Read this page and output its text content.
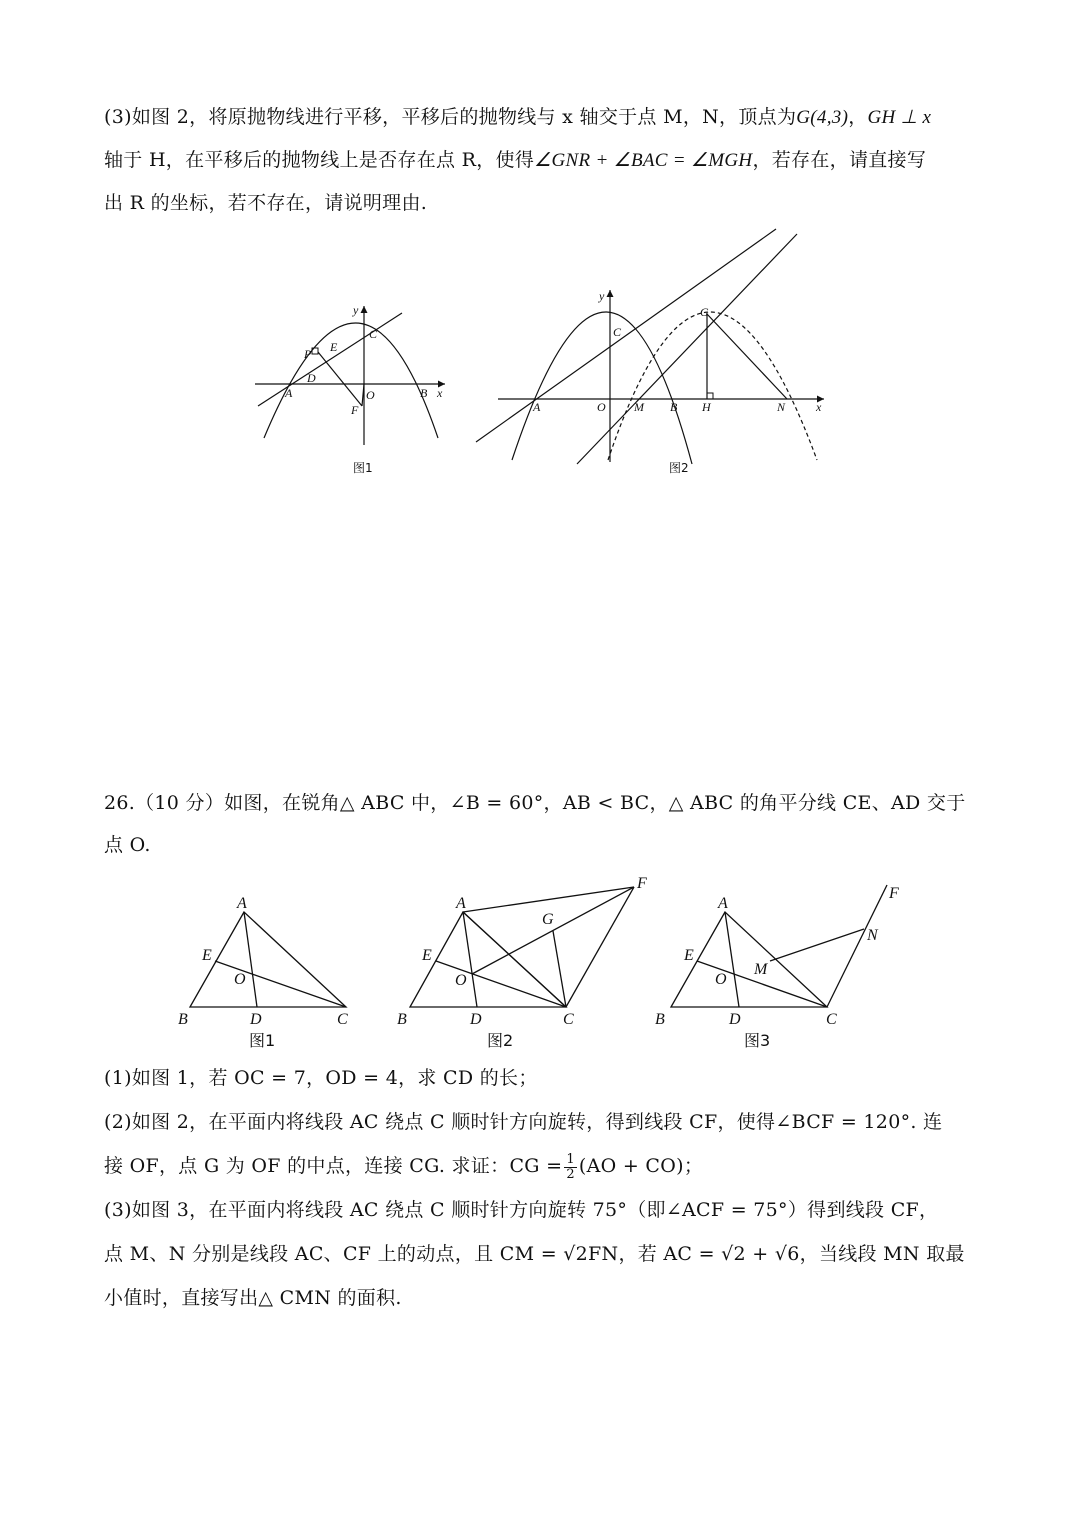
(3)如图 2，将原抛物线进行平移，平移后的抛物线与 x 轴交于点 M，N，顶点为G(4,3)，GH ⊥ x
轴于 H，在平移后的抛物线上是否存在点 R，使得∠GNR + ∠BAC = ∠MGH，若存在，请直接写
出 R 的坐标，若不存在，请说明理由.
y
x
P E
C
D
A	O	B
F
图1
y
x
C
G
A	O M B H	N
图2
26.（10 分）如图，在锐角△ ABC 中，∠B = 60°，AB < BC，△ ABC 的角平分线 CE、AD 交于
点 O.
A
E
O
B	D	C
图1
A
F
G
E
O
B	D	C
图2
A
F
N
E
M
O
B	D	C
图3
(1)如图 1，若 OC = 7，OD = 4，求 CD 的长；
(2)如图 2，在平面内将线段 AC 绕点 C 顺时针方向旋转，得到线段 CF，使得∠BCF = 120°. 连
接 OF，点 G 为 OF 的中点，连接 CG. 求证：CG = $\frac{1}{2} (AO + CO)$；
(3)如图 3，在平面内将线段 AC 绕点 C 顺时针方向旋转 75°（即∠ACF = 75°）得到线段 CF，
点 M、N 分别是线段 AC、CF 上的动点，且 CM = √2FN，若 AC = √2 + √6，当线段 MN 取最
小值时，直接写出△ CMN 的面积.
